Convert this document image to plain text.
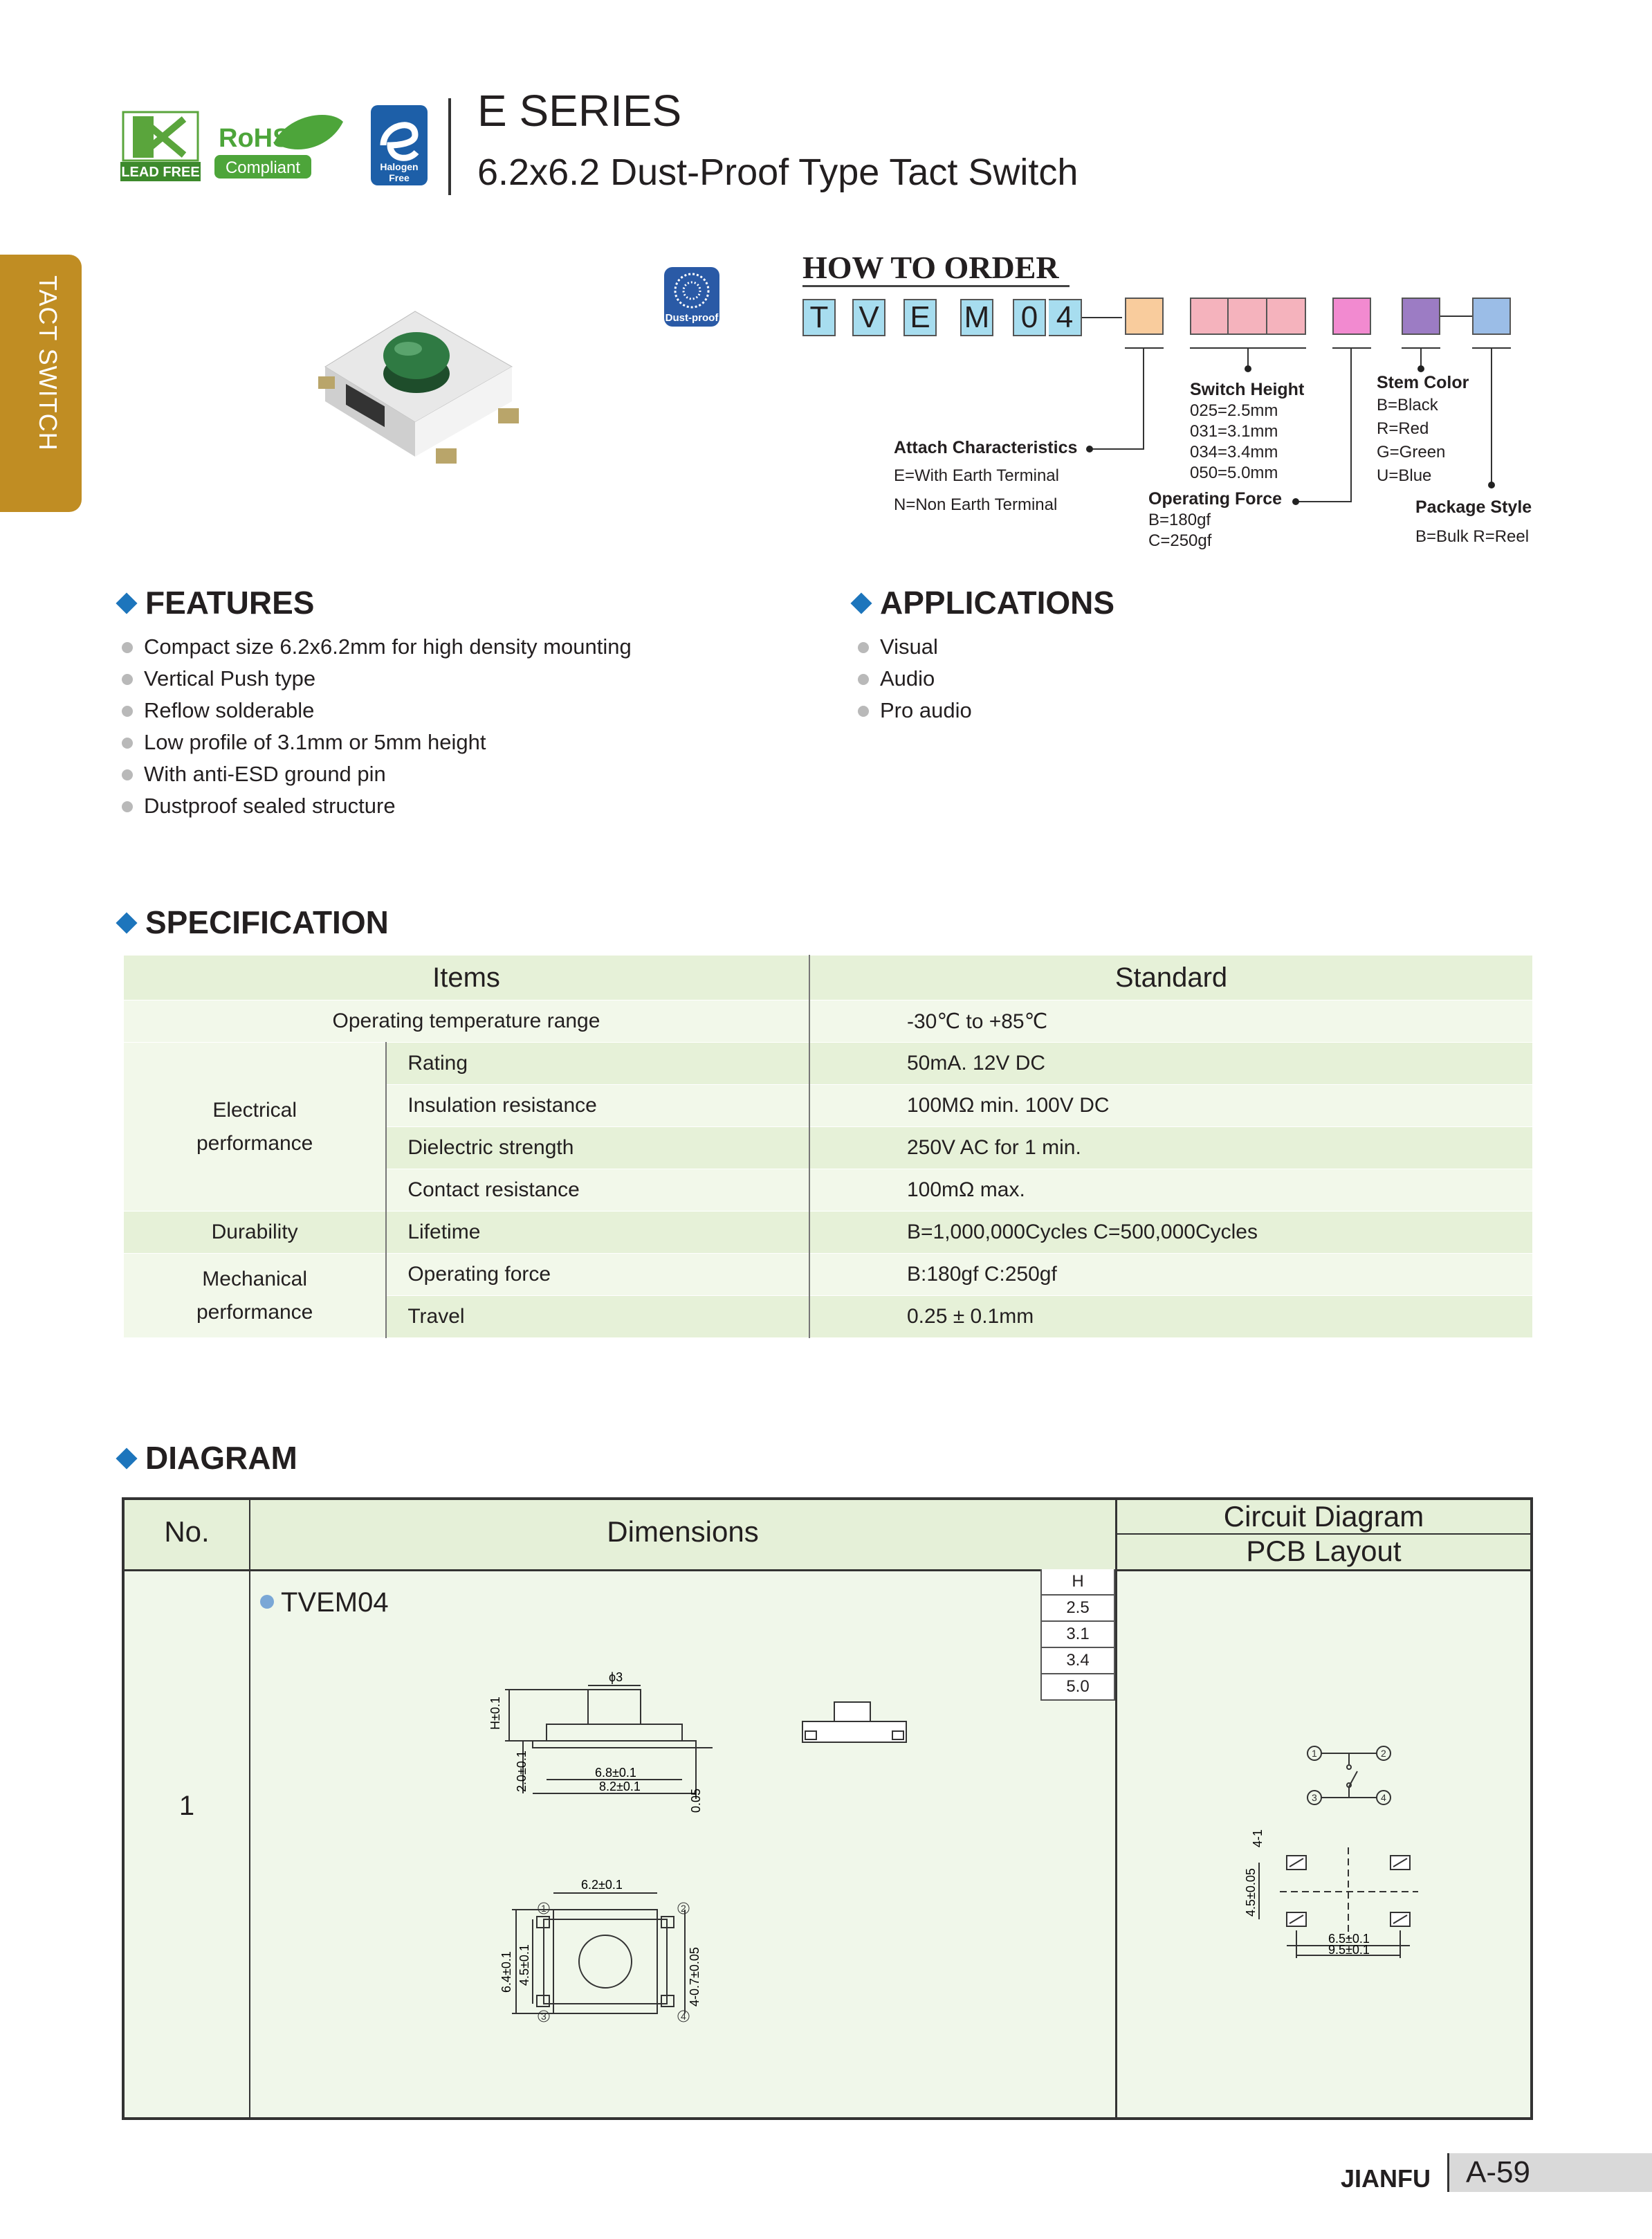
LEAD FREE
RoHS
Compliant	Halogen
Free
E SERIES
6.2x6.2 Dust-Proof Type Tact Switch
TACT SWITCH	Dust-proof
HOW TO ORDER
T V E M 0 4
Attach Characteristics
E=With Earth Terminal
N=Non Earth Terminal
Switch Height
025=2.5mm
031=3.1mm
034=3.4mm
050=5.0mm
Operating Force
B=180gf
C=250gf
Stem Color
B=Black
R=Red
G=Green
U=Blue
Package Style
B=Bulk R=Reel
FEATURES
Compact size 6.2x6.2mm for high density mounting
Vertical Push type
Reflow solderable
Low profile of 3.1mm or 5mm height
With anti-ESD ground pin
Dustproof sealed structure
APPLICATIONS
Visual
Audio
Pro audio
SPECIFICATION
Items		Standard
Operating temperature range		-30℃ to +85℃

Electrical
performance	Rating	50mA. 12V DC
	Insulation resistance	100MΩ min. 100V DC
	Dielectric strength	250V AC for 1 min.
	Contact resistance	100mΩ max.
Durability	Lifetime	B=1,000,000Cycles C=500,000Cycles

Mechanical
performance	Operating force	B:180gf C:250gf
	Travel	0.25 ± 0.1mm
DIAGRAM
No.	Dimensions	Circuit Diagram
PCB Layout
1
TVEM04
H
2.5
3.1
3.4
5.0
ϕ3
H±0.1
2.0±0.1	6.8±0.1
8.2±0.1
0.05
1	2
3	4
6.2±0.1
6.4±0.1 4.5±0.1	4-0.7±0.05
1	2
3	4
4.5±0.05
4-1
6.5±0.1
9.5±0.1
JIANFU	A-59
